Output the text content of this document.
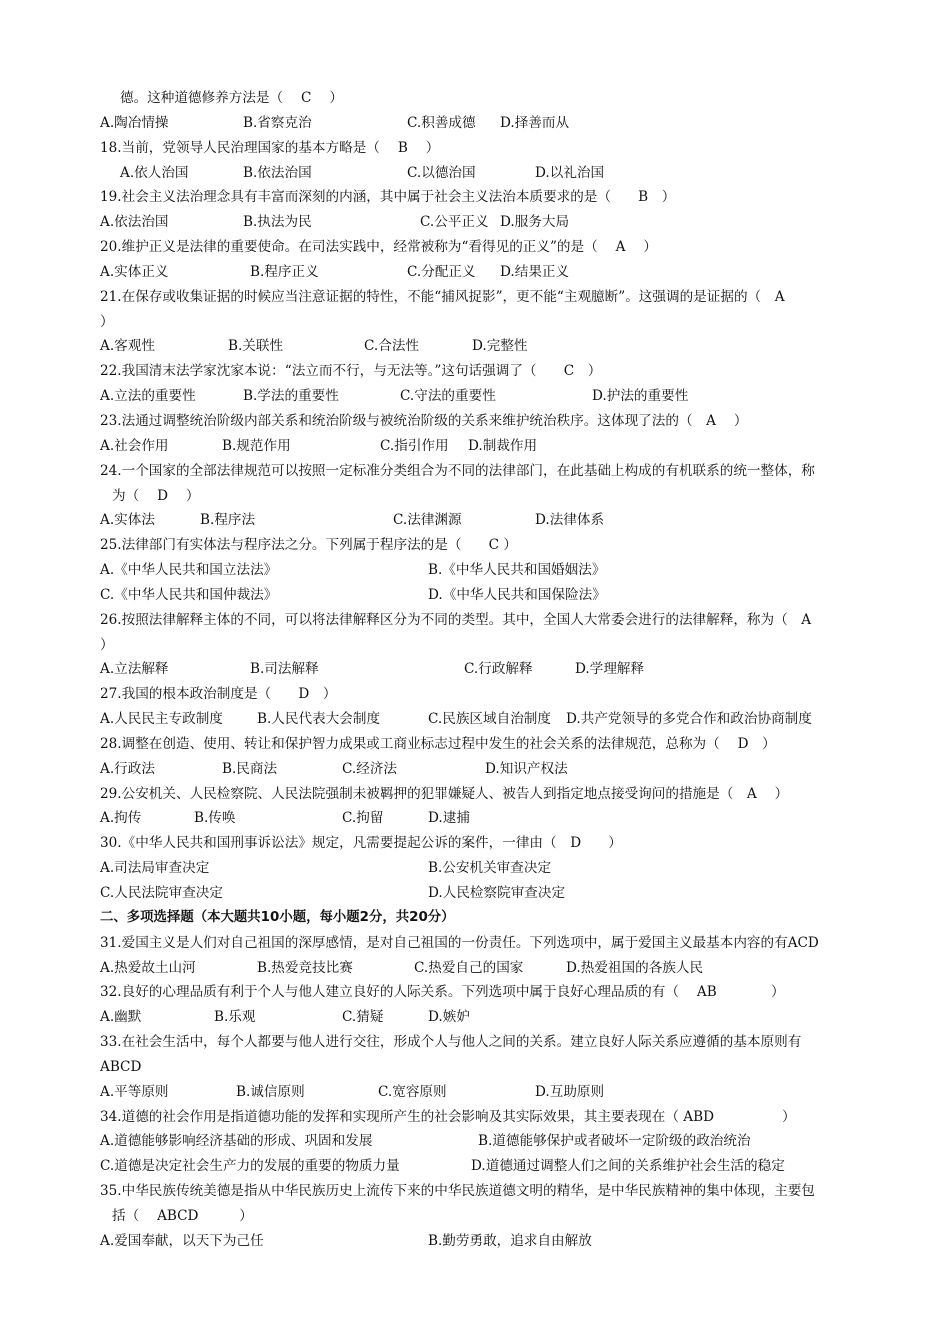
德。这种道德修养方法是（　 C　 ）
A.陶冶情操	B.省察克治	C.积善成德 D.择善而从
18.当前，党领导人民治理国家的基本方略是（　 B　 ）
A.依人治国	B.依法治国	C.以德治国	D.以礼治国
19.社会主义法治理念具有丰富而深刻的内涵，其中属于社会主义法治本质要求的是（　　B　）
A.依法治国	B.执法为民	C.公平正义 D.服务大局
20.维护正义是法律的重要使命。在司法实践中，经常被称为“看得见的正义”的是（　 A　 ）
A.实体正义	B.程序正义	C.分配正义 D.结果正义
21.在保存或收集证据的时候应当注意证据的特性，不能“捕风捉影”，更不能“主观臆断”。这强调的是证据的（　A
）
A.客观性	B.关联性	C.合法性	D.完整性
22.我国清末法学家沈家本说：“法立而不行，与无法等。”这句话强调了（　　C　）
A.立法的重要性	B.学法的重要性	C.守法的重要性	D.护法的重要性
23.法通过调整统治阶级内部关系和统治阶级与被统治阶级的关系来维护统治秩序。这体现了法的（　A　 ）
A.社会作用	B.规范作用	C.指引作用 D.制裁作用
24.一个国家的全部法律规范可以按照一定标准分类组合为不同的法律部门，在此基础上构成的有机联系的统一整体，称
为（　 D　 ）
A.实体法	B.程序法	C.法律渊源	D.法律体系
25.法律部门有实体法与程序法之分。下列属于程序法的是（　　C ）
A.《中华人民共和国立法法》	B.《中华人民共和国婚姻法》
C.《中华人民共和国仲裁法》	D.《中华人民共和国保险法》
26.按照法律解释主体的不同，可以将法律解释区分为不同的类型。其中，全国人大常委会进行的法律解释，称为（　A
）
A.立法解释	B.司法解释	C.行政解释	D.学理解释
27.我国的根本政治制度是（　　D　）
A.人民民主专政制度	B.人民代表大会制度	C.民族区域自治制度 D.共产党领导的多党合作和政治协商制度
28.调整在创造、使用、转让和保护智力成果或工商业标志过程中发生的社会关系的法律规范，总称为（　 D　）
A.行政法	B.民商法	C.经济法	D.知识产权法
29.公安机关、人民检察院、人民法院强制未被羁押的犯罪嫌疑人、被告人到指定地点接受询问的措施是（　A　 ）
A.拘传	B.传唤	C.拘留	D.逮捕
30.《中华人民共和国刑事诉讼法》规定，凡需要提起公诉的案件，一律由（　D　　）
A.司法局审查决定	B.公安机关审查决定
C.人民法院审查决定	D.人民检察院审查决定
二、多项选择题（本大题共10小题，每小题2分，共20分）
31.爱国主义是人们对自己祖国的深厚感情，是对自己祖国的一份责任。下列选项中，属于爱国主义最基本内容的有ACD
A.热爱故土山河	B.热爱竞技比赛	C.热爱自己的国家	D.热爱祖国的各族人民
32.良好的心理品质有利于个人与他人建立良好的人际关系。下列选项中属于良好心理品质的有（　 AB　　　　）
A.幽默	B.乐观	C.猜疑	D.嫉妒
33.在社会生活中，每个人都要与他人进行交往，形成个人与他人之间的关系。建立良好人际关系应遵循的基本原则有
ABCD
A.平等原则	B.诚信原则	C.宽容原则	D.互助原则
34.道德的社会作用是指道德功能的发挥和实现所产生的社会影响及其实际效果，其主要表现在（ ABD　　　　　）
A.道德能够影响经济基础的形成、巩固和发展	B.道德能够保护或者破坏一定阶级的政治统治
C.道德是决定社会生产力的发展的重要的物质力量	D.道德通过调整人们之间的关系维护社会生活的稳定
35.中华民族传统美德是指从中华民族历史上流传下来的中华民族道德文明的精华，是中华民族精神的集中体现，主要包
括（　 ABCD　　　）
A.爱国奉献，以天下为己任	B.勤劳勇敢，追求自由解放
